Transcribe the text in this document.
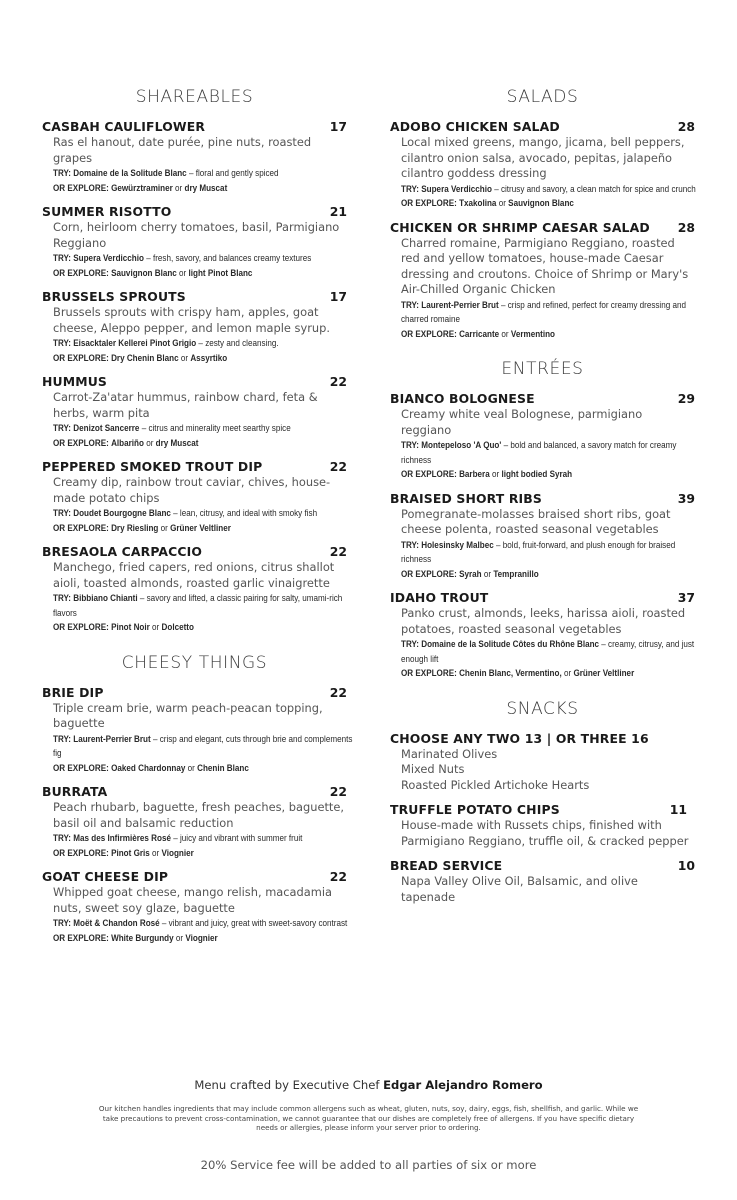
SHAREABLES
CASBAH CAULIFLOWER	17
Ras el hanout, date purée, pine nuts, roasted grapes
TRY: Domaine de la Solitude Blanc – floral and gently spiced
OR EXPLORE: Gewürztraminer or dry Muscat
SUMMER RISOTTO	21
Corn, heirloom cherry tomatoes, basil, Parmigiano Reggiano
TRY: Supera Verdicchio – fresh, savory, and balances creamy textures
OR EXPLORE: Sauvignon Blanc or light Pinot Blanc
BRUSSELS SPROUTS	17
Brussels sprouts with crispy ham, apples, goat cheese, Aleppo pepper, and lemon maple syrup.
TRY: Eisacktaler Kellerei Pinot Grigio – zesty and cleansing.
OR EXPLORE: Dry Chenin Blanc or Assyrtiko
HUMMUS	22
Carrot-Za'atar hummus, rainbow chard, feta & herbs, warm pita
TRY: Denizot Sancerre – citrus and minerality meet searthy spice
OR EXPLORE: Albariño or dry Muscat
PEPPERED SMOKED TROUT DIP	22
Creamy dip, rainbow trout caviar, chives, house-made potato chips
TRY: Doudet Bourgogne Blanc – lean, citrusy, and ideal with smoky fish
OR EXPLORE: Dry Riesling or Grüner Veltliner
BRESAOLA CARPACCIO	22
Manchego, fried capers, red onions, citrus shallot aioli, toasted almonds, roasted garlic vinaigrette
TRY: Bibbiano Chianti – savory and lifted, a classic pairing for salty, umami-rich flavors
OR EXPLORE: Pinot Noir or Dolcetto
CHEESY THINGS
BRIE DIP	22
Triple cream brie, warm peach-peacan topping, baguette
TRY: Laurent-Perrier Brut – crisp and elegant, cuts through brie and complements fig
OR EXPLORE: Oaked Chardonnay or Chenin Blanc
BURRATA	22
Peach rhubarb, baguette, fresh peaches, baguette, basil oil and balsamic reduction
TRY: Mas des Infirmières Rosé – juicy and vibrant with summer fruit
OR EXPLORE: Pinot Gris or Viognier
GOAT CHEESE DIP	22
Whipped goat cheese, mango relish, macadamia nuts, sweet soy glaze, baguette
TRY: Moët & Chandon Rosé – vibrant and juicy, great with sweet-savory contrast
OR EXPLORE: White Burgundy or Viognier
SALADS
ADOBO CHICKEN SALAD	28
Local mixed greens, mango, jicama, bell peppers, cilantro onion salsa, avocado, pepitas, jalapeño cilantro goddess dressing
TRY: Supera Verdicchio – citrusy and savory, a clean match for spice and crunch
OR EXPLORE: Txakolina or Sauvignon Blanc
CHICKEN OR SHRIMP CAESAR SALAD 28
Charred romaine, Parmigiano Reggiano, roasted red and yellow tomatoes, house-made Caesar dressing and croutons. Choice of Shrimp or Mary's Air-Chilled Organic Chicken
TRY: Laurent-Perrier Brut – crisp and refined, perfect for creamy dressing and charred romaine
OR EXPLORE: Carricante or Vermentino
ENTRÉES
BIANCO BOLOGNESE	29
Creamy white veal Bolognese, parmigiano reggiano
TRY: Montepeloso 'A Quo' – bold and balanced, a savory match for creamy richness
OR EXPLORE: Barbera or light bodied Syrah
BRAISED SHORT RIBS	39
Pomegranate-molasses braised short ribs, goat cheese polenta, roasted seasonal vegetables
TRY: Holesinsky Malbec – bold, fruit-forward, and plush enough for braised richness
OR EXPLORE: Syrah or Tempranillo
IDAHO TROUT	37
Panko crust, almonds, leeks, harissa aioli, roasted potatoes, roasted seasonal vegetables
TRY: Domaine de la Solitude Côtes du Rhône Blanc – creamy, citrusy, and just enough lift
OR EXPLORE: Chenin Blanc, Vermentino, or Grüner Veltliner
SNACKS
CHOOSE ANY TWO 13 | OR THREE 16
Marinated Olives
Mixed Nuts
Roasted Pickled Artichoke Hearts
TRUFFLE POTATO CHIPS	11
House-made with Russets chips, finished with Parmigiano Reggiano, truffle oil, & cracked pepper
BREAD SERVICE	10
Napa Valley Olive Oil, Balsamic, and olive tapenade
Menu crafted by Executive Chef Edgar Alejandro Romero
Our kitchen handles ingredients that may include common allergens such as wheat, gluten, nuts, soy, dairy, eggs, fish, shellfish, and garlic. While we take precautions to prevent cross-contamination, we cannot guarantee that our dishes are completely free of allergens. If you have specific dietary needs or allergies, please inform your server prior to ordering.
20% Service fee will be added to all parties of six or more
